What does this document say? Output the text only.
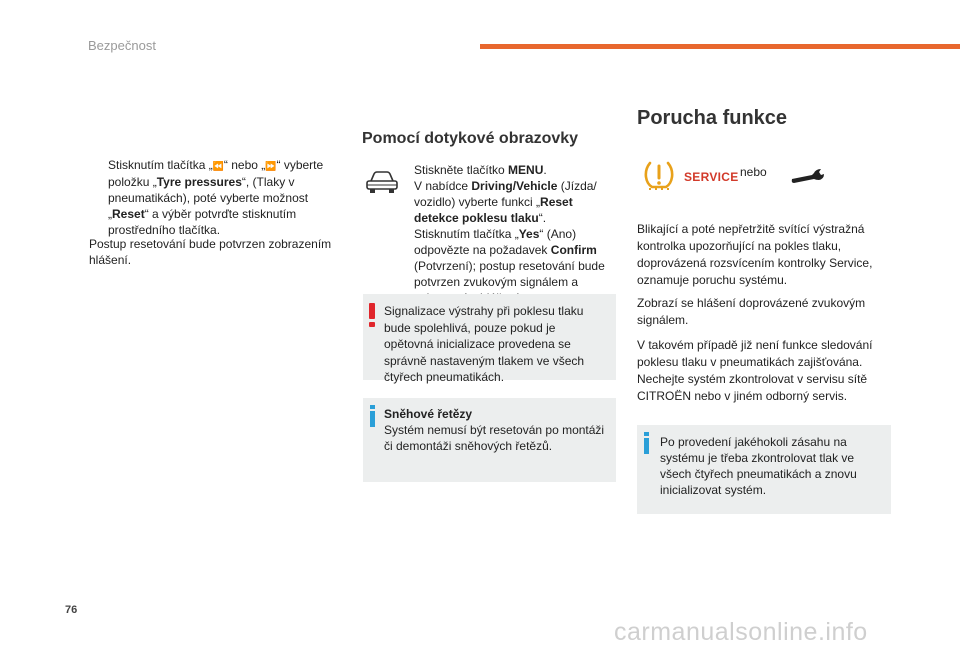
Bezpečnost

Stisknutím tlačítka „⏪“ nebo „⏩“ vyberte položku „Tyre pressures“, (Tlaky v pneumatikách), poté vyberte možnost „Reset“ a výběr potvrďte stisknutím prostředního tlačítka.

Postup resetování bude potvrzen zobrazením hlášení.

Pomocí dotykové obrazovky

Stiskněte tlačítko MENU.

V nabídce Driving/Vehicle (Jízda/ vozidlo) vyberte funkci „Reset detekce poklesu tlaku“.

Stisknutím tlačítka „Yes“ (Ano) odpovězte na požadavek Confirm (Potvrzení); postup resetování bude potvrzen zvukovým signálem a

Signalizace výstrahy při poklesu tlaku bude spolehlivá, pouze pokud je opětovná inicializace provedena se správně nastaveným tlakem ve všech čtyřech pneumatikách.

Sněhové řetězy

Systém nemusí být resetován po montáži či demontáži sněhových řetězů.

Porucha funkce
SERVICE nebo
Blikající a poté nepřetržitě svítící výstražná kontrolka upozorňující na pokles tlaku, doprovázená rozsvícením kontrolky Service, oznamuje poruchu systému.
Zobrazí se hlášení doprovázené zvukovým signálem.
V takovém případě již není funkce sledování poklesu tlaku v pneumatikách zajišťována. Nechejte systém zkontrolovat v servisu sítě CITROËN nebo v jiném odborný servis.
Po provedení jakéhokoli zásahu na systému je třeba zkontrolovat tlak ve všech čtyřech pneumatikách a znovu inicializovat systém.
76
carmanualsonline.info
